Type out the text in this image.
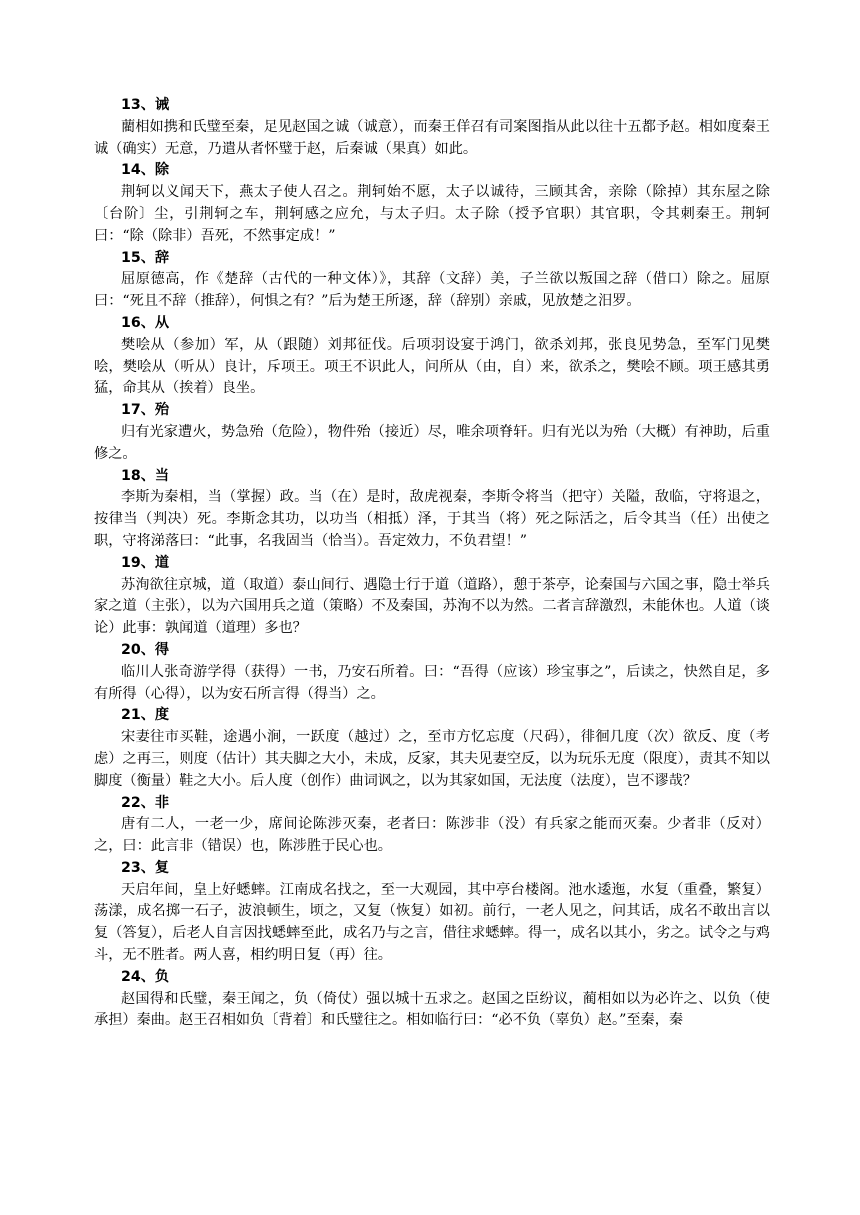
13、诫

藺相如携和氏璧至秦，足见赵国之诚（诚意），而秦王佯召有司案图指从此以往十五都予赵。相如度秦王诚（确实）无意，乃遣从者怀璧于赵，后秦诚（果真）如此。

14、除

荆轲以义闻天下，燕太子使人召之。荆轲始不愿，太子以诚待，三顾其舍，亲除（除掉）其东屋之除〔台阶〕尘，引荆轲之车，荆轲感之应允，与太子归。太子除（授予官职）其官职，令其刺秦王。荆轲曰：“除（除非）吾死，不然事定成！”

15、辞

屈原德高，作《楚辞（古代的一种文体）》，其辞（文辞）美，子兰欲以叛国之辞（借口）除之。屈原曰：“死且不辞（推辞），何惧之有？”后为楚王所逐，辞（辞别）亲戚，见放楚之汨罗。

16、从

樊哙从（参加）军，从（跟随）刘邦征伐。后项羽设宴于鸿门，欲杀刘邦，张良见势急，至军门见樊哙，樊哙从（听从）良计，斥项王。项王不识此人，问所从（由，自）来，欲杀之，樊哙不顾。项王感其勇猛，命其从（挨着）良坐。

17、殆

归有光家遭火，势急殆（危险），物件殆（接近）尽，唯余项脊轩。归有光以为殆（大概）有神助，后重修之。

18、当

李斯为秦相，当（掌握）政。当（在）是时，敌虎视秦，李斯令将当（把守）关隘，敌临，守将退之，按律当（判决）死。李斯念其功，以功当（相抵）泽，于其当（将）死之际活之，后令其当（任）出使之职，守将涕落曰：“此事，名我固当（恰当）。吾定效力，不负君望！”

19、道

苏洵欲往京城，道（取道）泰山间行、遇隐士行于道（道路），憩于茶亭，论秦国与六国之事，隐士举兵家之道（主张），以为六国用兵之道（策略）不及秦国，苏洵不以为然。二者言辞激烈，未能休也。人道（谈论）此事：孰闻道（道理）多也？

20、得

临川人张奇游学得（获得）一书，乃安石所着。曰：“吾得（应该）珍宝事之”，后读之，快然自足，多有所得（心得），以为安石所言得（得当）之。

21、度

宋妻往市买鞋，途遇小涧，一跃度（越过）之，至市方忆忘度（尺码），徘徊几度（次）欲反、度（考虑）之再三，则度（估计）其夫脚之大小，未成，反家，其夫见妻空反，以为玩乐无度（限度），责其不知以脚度（衡量）鞋之大小。后人度（创作）曲词讽之，以为其家如国，无法度（法度），岂不谬哉？

22、非

唐有二人，一老一少，席间论陈涉灭秦，老者曰：陈涉非（没）有兵家之能而灭秦。少者非（反对）之，曰：此言非（错误）也，陈涉胜于民心也。

23、复

天启年间，皇上好蟋蟀。江南成名找之，至一大观园，其中亭台楼阁。池水逶迤，水复（重叠，繁复）荡漾，成名掷一石子，波浪顿生，顷之，又复（恢复）如初。前行，一老人见之，问其话，成名不敢出言以复（答复），后老人自言因找蟋蟀至此，成名乃与之言，借往求蟋蟀。得一，成名以其小，劣之。试令之与鸡斗，无不胜者。两人喜，相约明日复（再）往。

24、负

赵国得和氏璧，秦王闻之，负（倚仗）强以城十五求之。赵国之臣纷议，蔺相如以为必许之、以负（使承担）秦曲。赵王召相如负〔背着〕和氏璧往之。相如临行曰：“必不负（辜负）赵。”至秦，秦
